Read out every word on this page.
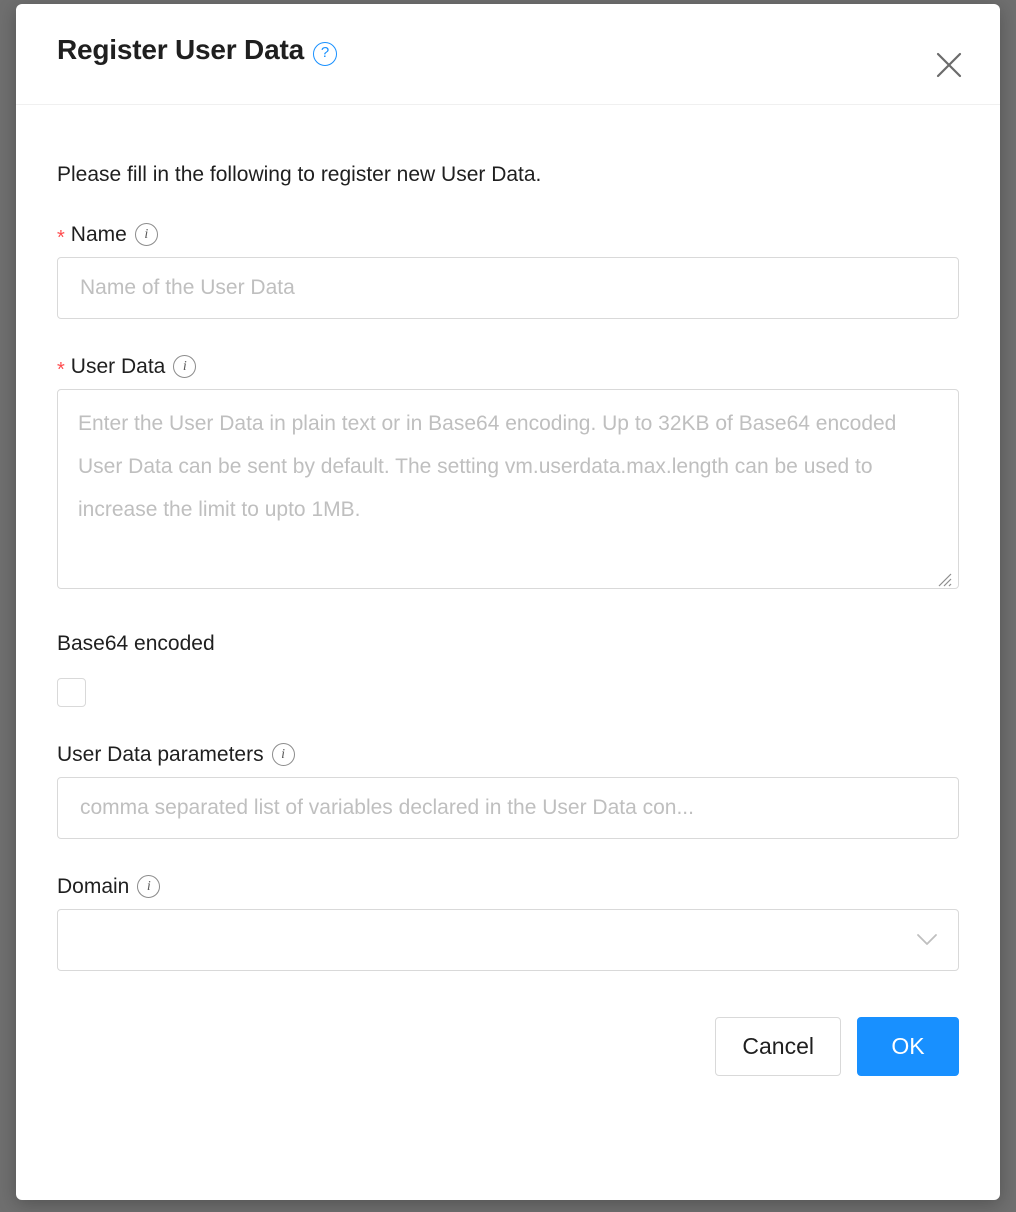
Register User Data ?

Please fill in the following to register new User Data.

* Name	i
Name of the User Data
* User Data	i
Enter the User Data in plain text or in Base64 encoding. Up to 32KB of Base64 encoded User Data can be sent by default. The setting vm.userdata.max.length can be used to increase the limit to upto 1MB.

Base64 encoded

User Data parameters	i
comma separated list of variables declared in the User Data con...
Domain	i
Cancel	OK
